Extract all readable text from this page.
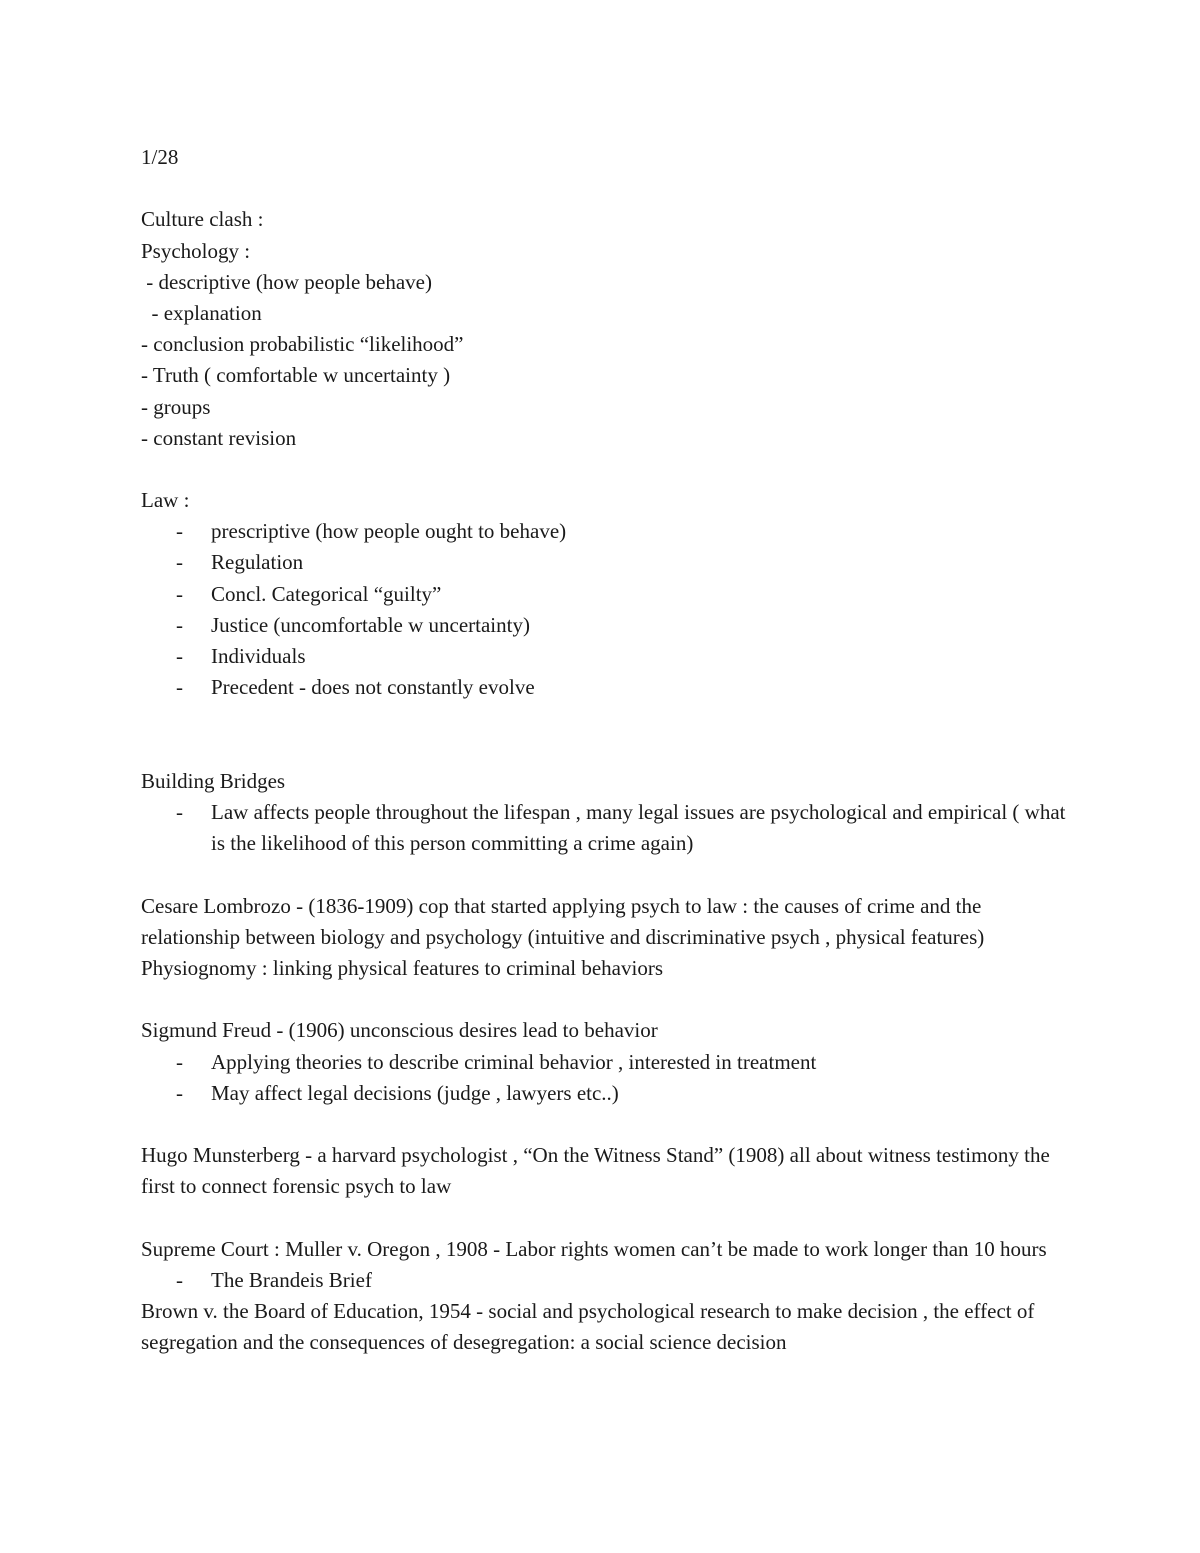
1/28
Culture clash :
Psychology :
- descriptive (how people behave)
- explanation
- conclusion probabilistic “likelihood”
- Truth ( comfortable w uncertainty )
- groups
- constant revision
Law :
- prescriptive (how people ought to behave)
- Regulation
- Concl. Categorical “guilty”
- Justice (uncomfortable w uncertainty)
- Individuals
- Precedent - does not constantly evolve
Building Bridges
- Law affects people throughout the lifespan , many legal issues are psychological and empirical ( what is the likelihood of this person committing a crime again)
Cesare Lombrozo - (1836-1909) cop that started applying psych to law : the causes of crime and the relationship between biology and psychology (intuitive and discriminative psych , physical features) Physiognomy : linking physical features to criminal behaviors
Sigmund Freud - (1906) unconscious desires lead to behavior
- Applying theories to describe criminal behavior , interested in treatment
- May affect legal decisions (judge , lawyers etc..)
Hugo Munsterberg - a harvard psychologist , “On the Witness Stand” (1908) all about witness testimony the first to connect forensic psych to law
Supreme Court : Muller v. Oregon , 1908 - Labor rights women can’t be made to work longer than 10 hours
- The Brandeis Brief
Brown v. the Board of Education, 1954 - social and psychological research to make decision , the effect of segregation and the consequences of desegregation: a social science decision
